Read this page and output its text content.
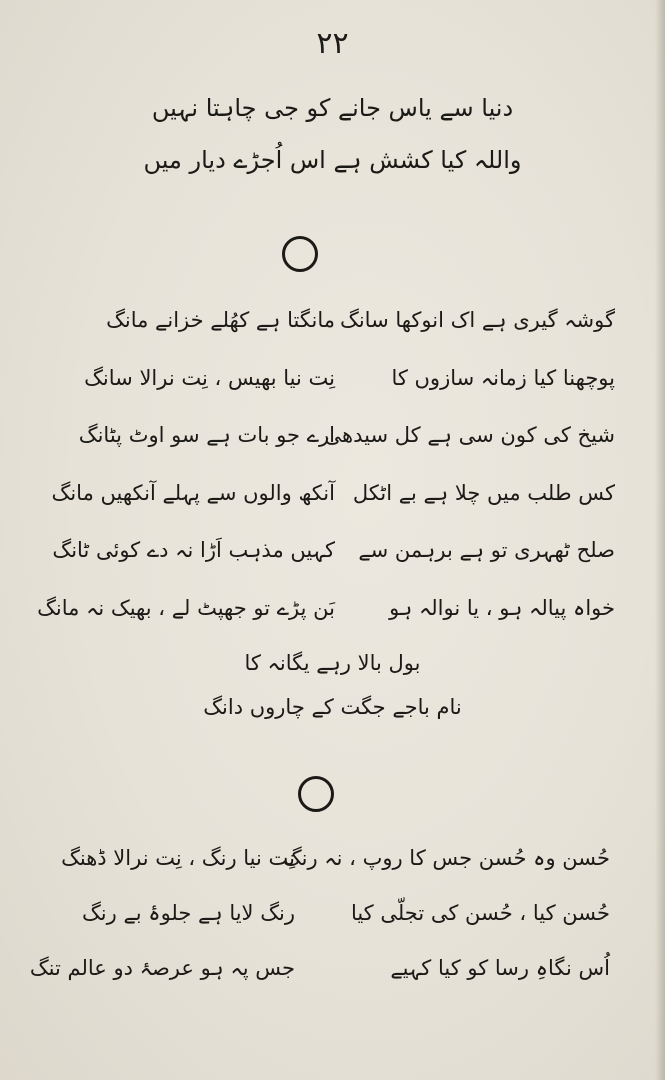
۲۲
دنیا سے یاس جانے کو جی چاہتا نہیں
واللہ کیا کشش ہے اس اُجڑے دیار میں
گوشہ گیری ہے اک انوکھا سانگ
پوچھنا کیا زمانہ سازوں کا
شیخ کی کون سی ہے کل سیدھی
کس طلب میں چلا ہے بے اٹکل
صلح ٹھہری تو ہے برہمن سے
خواہ پیالہ ہو ، یا نوالہ ہو
مانگتا ہے کھُلے خزانے مانگ
نِت نیا بھیس ، نِت نرالا سانگ
ارے جو بات ہے سو اوٹ پٹانگ
آنکھ والوں سے پہلے آنکھیں مانگ
کہیں مذہب اَڑا نہ دے کوئی ٹانگ
بَن پڑے تو جھپٹ لے ، بھیک نہ مانگ
بول بالا رہے یگانہ کا
نام باجے جگت کے چاروں دانگ
حُسن وہ حُسن جس کا روپ ، نہ رنگ
حُسن کیا ، حُسن کی تجلّی کیا
اُس نگاہِ رسا کو کیا کہیے
نِت نیا رنگ ، نِت نرالا ڈھنگ
رنگ لایا ہے جلوۂ بے رنگ
جس پہ ہو عرصۂ دو عالم تنگ
